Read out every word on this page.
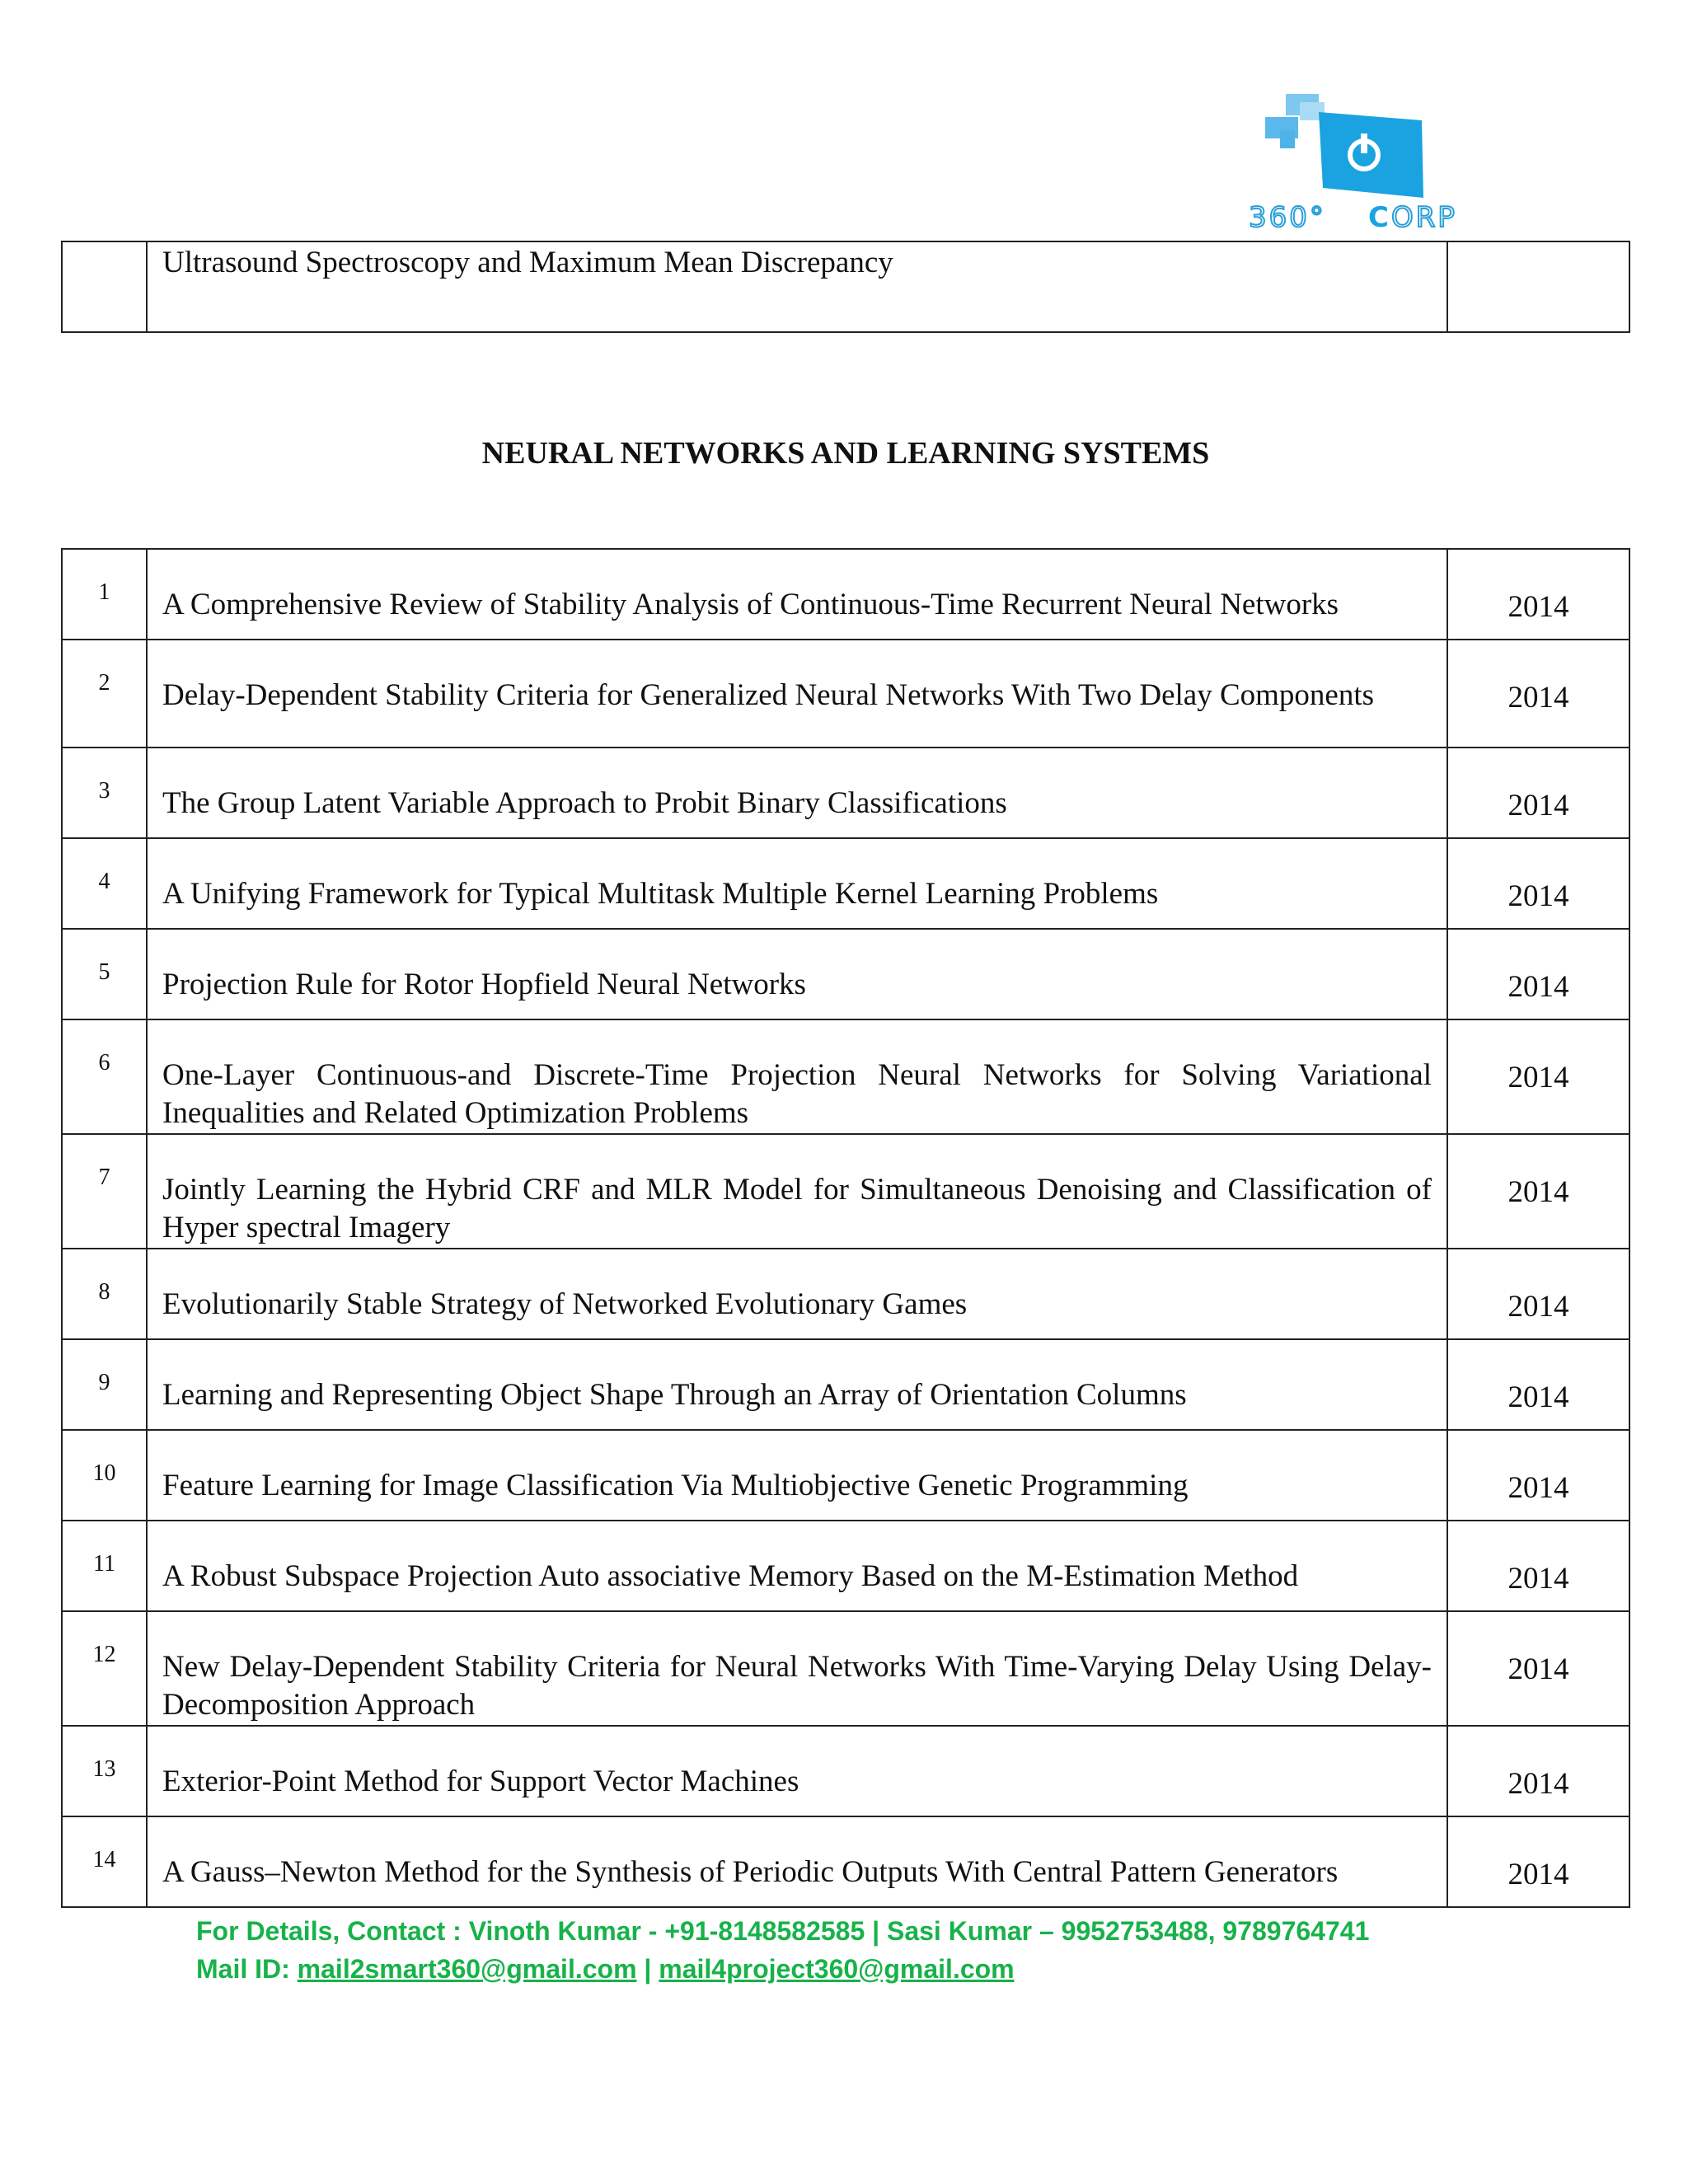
360° C ORP
	Ultrasound Spectroscopy and Maximum Mean Discrepancy	
NEURAL NETWORKS AND LEARNING SYSTEMS
1	A Comprehensive Review of Stability Analysis of Continuous-Time Recurrent Neural Networks	2014
2	Delay-Dependent Stability Criteria for Generalized Neural Networks With Two Delay Components	2014
3	The Group Latent Variable Approach to Probit Binary Classifications	2014
4	A Unifying Framework for Typical Multitask Multiple Kernel Learning Problems	2014
5	Projection Rule for Rotor Hopfield Neural Networks	2014
6	One-Layer Continuous-and Discrete-Time Projection Neural Networks for Solving Variational Inequalities and Related Optimization Problems	2014
7	Jointly Learning the Hybrid CRF and MLR Model for Simultaneous Denoising and Classification of Hyper spectral Imagery	2014
8	Evolutionarily Stable Strategy of Networked Evolutionary Games	2014
9	Learning and Representing Object Shape Through an Array of Orientation Columns	2014
10	Feature Learning for Image Classification Via Multiobjective Genetic Programming	2014
11	A Robust Subspace Projection Auto associative Memory Based on the M-Estimation Method	2014
12	New Delay-Dependent Stability Criteria for Neural Networks With Time-Varying Delay Using Delay-Decomposition Approach	2014
13	Exterior-Point Method for Support Vector Machines	2014
14	A Gauss–Newton Method for the Synthesis of Periodic Outputs With Central Pattern Generators	2014
For Details, Contact : Vinoth Kumar - +91-8148582585 | Sasi Kumar – 9952753488, 9789764741
Mail ID: mail2smart360@gmail.com | mail4project360@gmail.com
